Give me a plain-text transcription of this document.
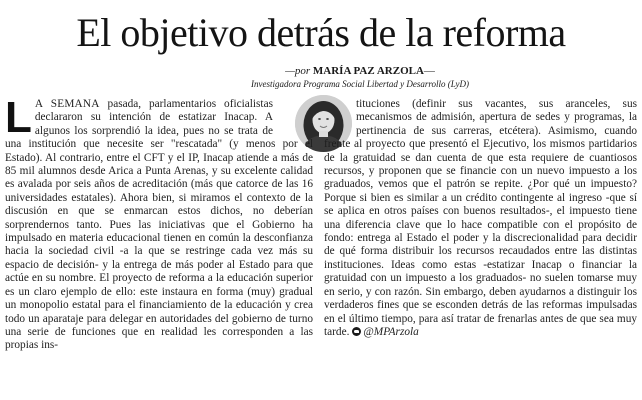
El objetivo detrás de la reforma
—por MARÍA PAZ ARZOLA—
Investigadora Programa Social Libertad y Desarrollo (LyD)

L A SEMANA pasada, parlamentarios oficialistas declararon su intención de estatizar Inacap. A algunos los sorprendió la idea, pues no se trata de una institución que necesite ser "rescatada" (y menos por el Estado). Al contrario, entre el CFT y el IP, Inacap atiende a más de 85 mil alumnos desde Arica a Punta Arenas, y su excelente calidad es avalada por seis años de acreditación (más que catorce de las 16 universidades estatales). Ahora bien, si miramos el contexto de la discusión en que se enmarcan estos dichos, no deberían sorprendernos tanto. Pues las iniciativas que el Gobierno ha impulsado en materia educacional tienen en común la desconfianza hacia la sociedad civil -a la que se restringe cada vez más su espacio de decisión- y la entrega de más poder al Estado para que actúe en su nombre. El proyecto de reforma a la educación superior es un claro ejemplo de ello: este instaura en forma (muy) gradual un monopolio estatal para el financiamiento de la educación y crea todo un aparataje para delegar en autoridades del gobierno de turno una serie de funciones que en realidad les corresponden a las propias ins-

tituciones (definir sus vacantes, sus aranceles, sus mecanismos de admisión, apertura de sedes y programas, la pertinencia de sus carreras, etcétera). Asimismo, cuando frente al proyecto que presentó el Ejecutivo, los mismos partidarios de la gratuidad se dan cuenta de que esta requiere de cuantiosos recursos, y proponen que se financie con un nuevo impuesto a los graduados, vemos que el patrón se repite. ¿Por qué un impuesto? Porque si bien es similar a un crédito contingente al ingreso -que sí se aplica en otros países con buenos resultados-, el impuesto tiene una diferencia clave que lo hace compatible con el propósito de fondo: entrega al Estado el poder y la discrecionalidad para decidir de qué forma distribuir los recursos recaudados entre las distintas instituciones. Ideas como estas -estatizar Inacap o financiar la gratuidad con un impuesto a los graduados- no suelen tomarse muy en serio, y con razón. Sin embargo, deben ayudarnos a distinguir los verdaderos fines que se esconden detrás de las reformas impulsadas en el último tiempo, para así tratar de frenarlas antes de que sea muy tarde. @MPArzola
